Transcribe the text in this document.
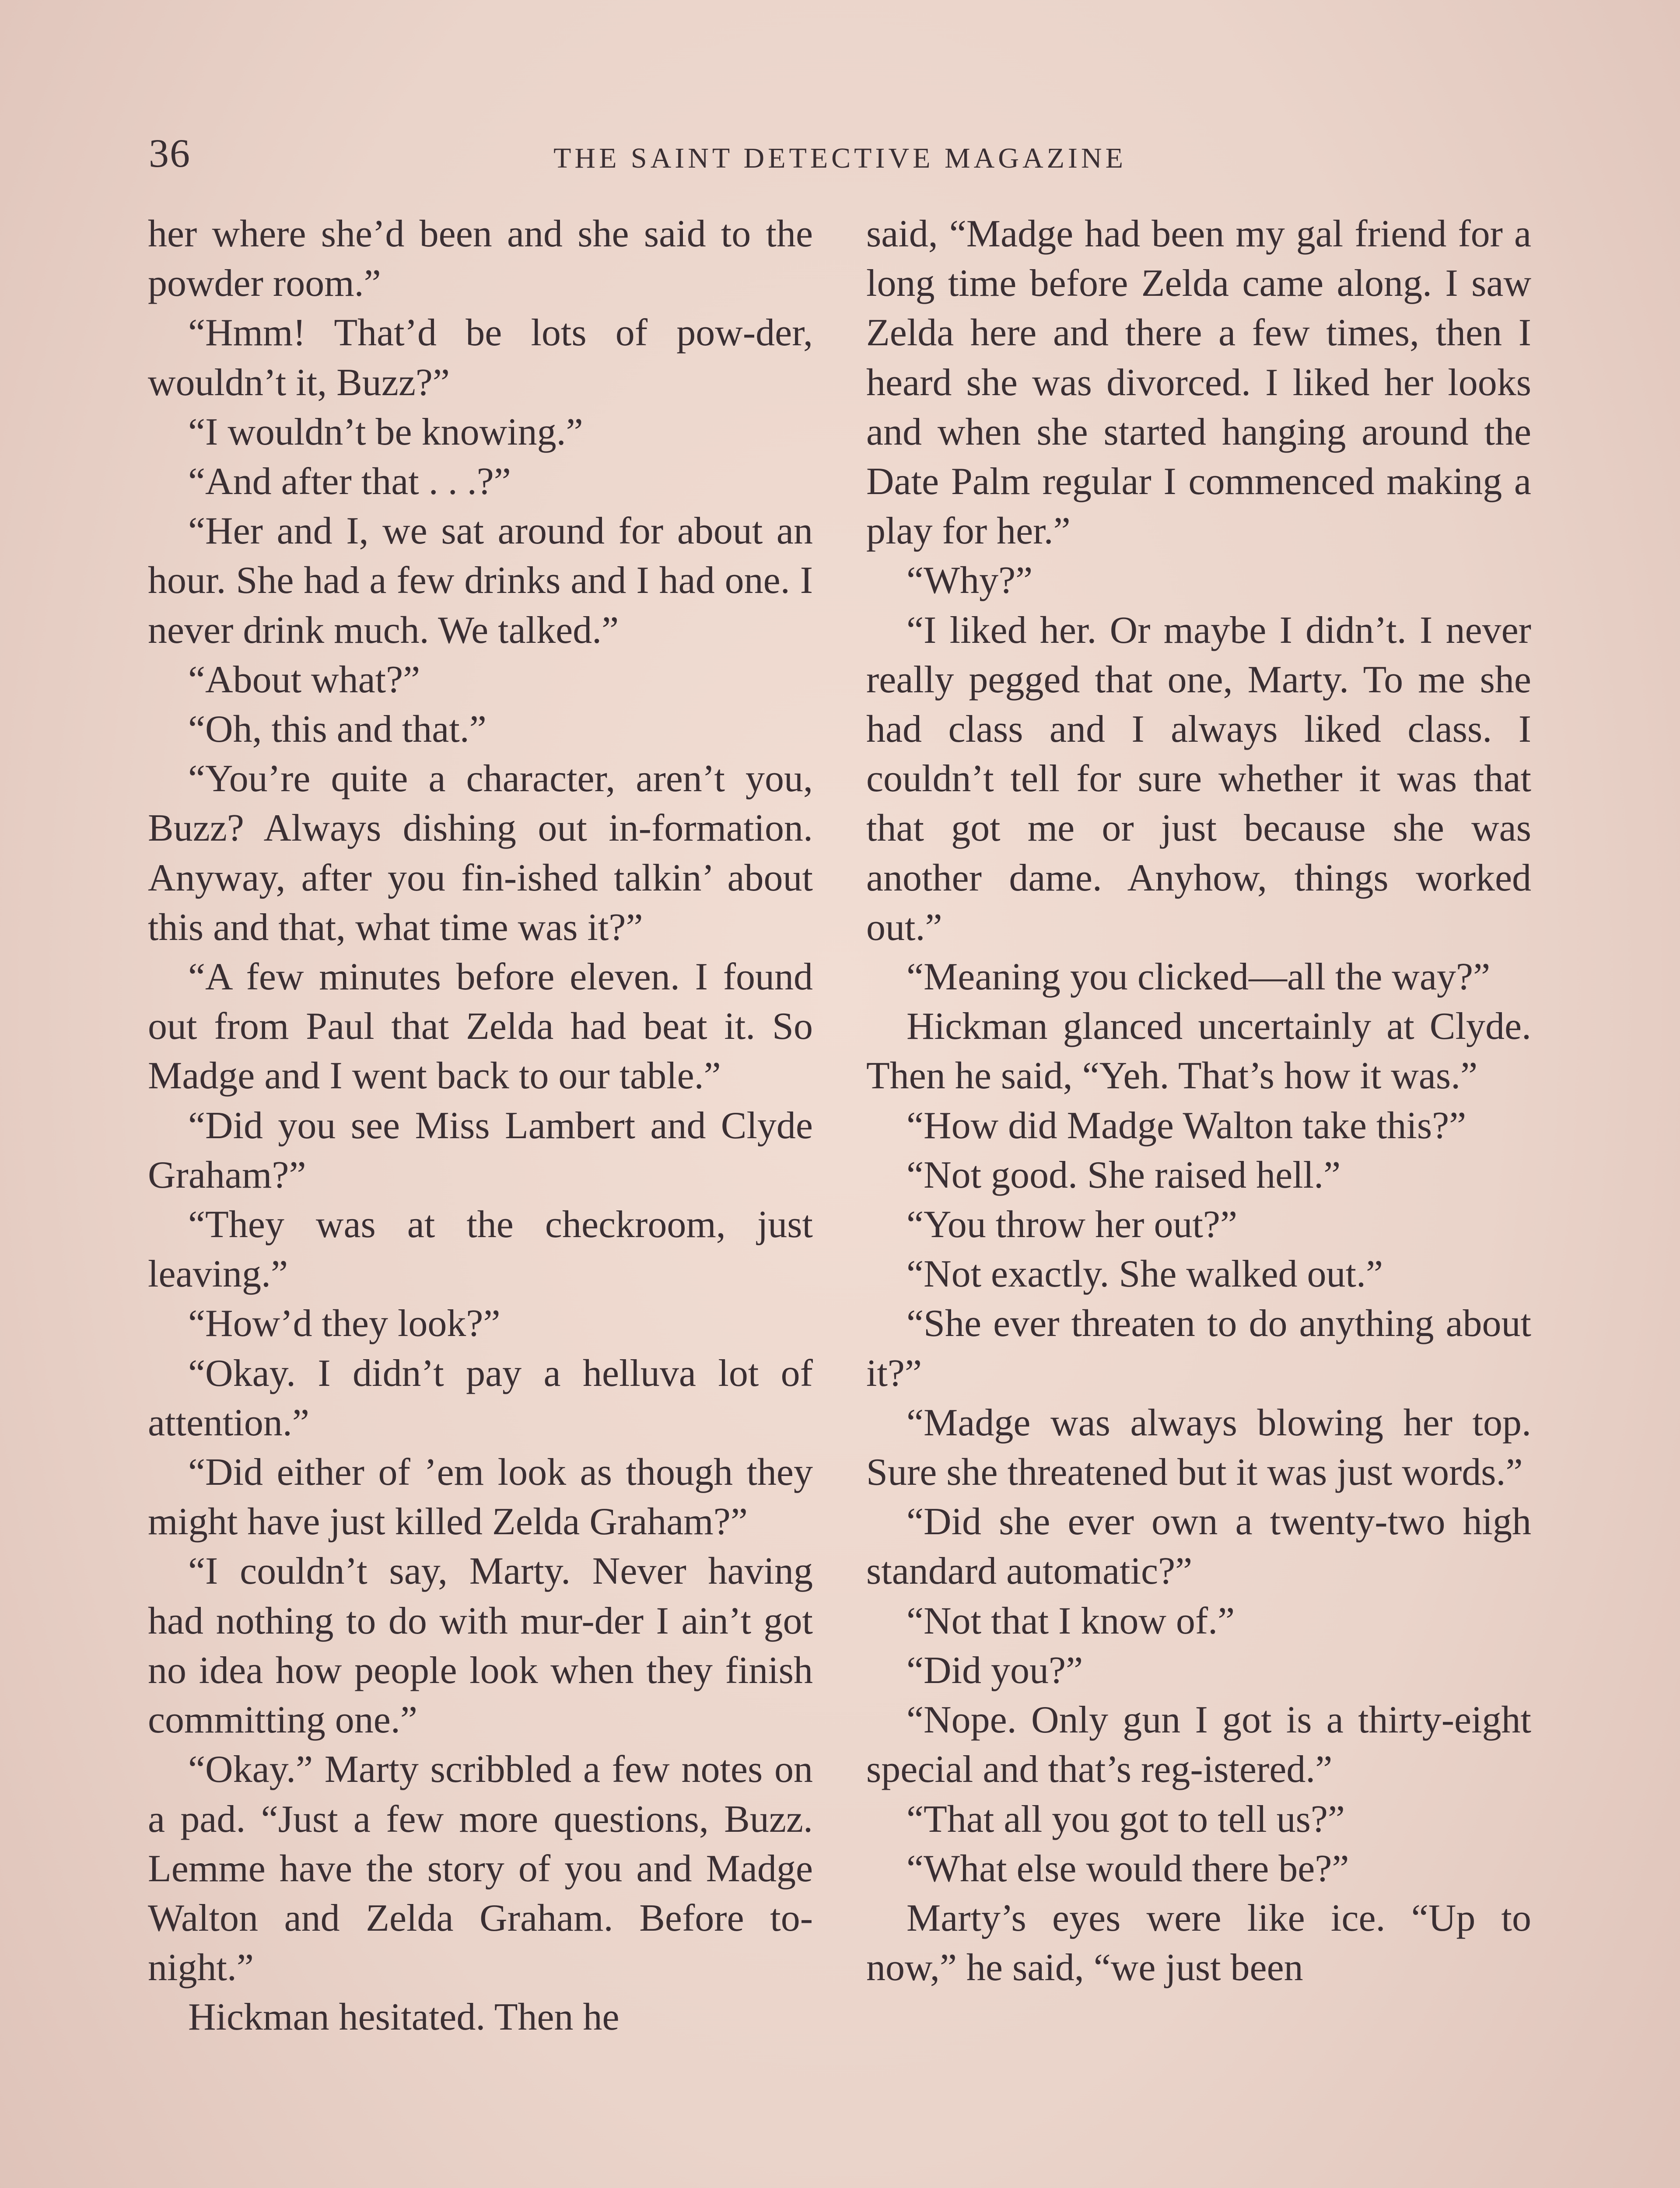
36	THE SAINT DETECTIVE MAGAZINE

her where she’d been and she said to the powder room.”

“Hmm! That’d be lots of pow-der, wouldn’t it, Buzz?”

“I wouldn’t be knowing.”

“And after that . . .?”

“Her and I, we sat around for about an hour. She had a few drinks and I had one. I never drink much. We talked.”

“About what?”

“Oh, this and that.”

“You’re quite a character, aren’t you, Buzz? Always dishing out in-formation. Anyway, after you fin-ished talkin’ about this and that, what time was it?”

“A few minutes before eleven. I found out from Paul that Zelda had beat it. So Madge and I went back to our table.”

“Did you see Miss Lambert and Clyde Graham?”

“They was at the checkroom, just leaving.”

“How’d they look?”

“Okay. I didn’t pay a helluva lot of attention.”

“Did either of ’em look as though they might have just killed Zelda Graham?”

“I couldn’t say, Marty. Never having had nothing to do with mur-der I ain’t got no idea how people look when they finish committing one.”

“Okay.” Marty scribbled a few notes on a pad. “Just a few more questions, Buzz. Lemme have the story of you and Madge Walton and Zelda Graham. Before to-night.”

Hickman hesitated. Then he

said, “Madge had been my gal friend for a long time before Zelda came along. I saw Zelda here and there a few times, then I heard she was divorced. I liked her looks and when she started hanging around the Date Palm regular I commenced making a play for her.”

“Why?”

“I liked her. Or maybe I didn’t. I never really pegged that one, Marty. To me she had class and I always liked class. I couldn’t tell for sure whether it was that that got me or just because she was another dame. Anyhow, things worked out.”

“Meaning you clicked—all the way?”

Hickman glanced uncertainly at Clyde. Then he said, “Yeh. That’s how it was.”

“How did Madge Walton take this?”

“Not good. She raised hell.”

“You throw her out?”

“Not exactly. She walked out.”

“She ever threaten to do anything about it?”

“Madge was always blowing her top. Sure she threatened but it was just words.”

“Did she ever own a twenty-two high standard automatic?”

“Not that I know of.”

“Did you?”

“Nope. Only gun I got is a thirty-eight special and that’s reg-istered.”

“That all you got to tell us?”

“What else would there be?”

Marty’s eyes were like ice. “Up to now,” he said, “we just been
